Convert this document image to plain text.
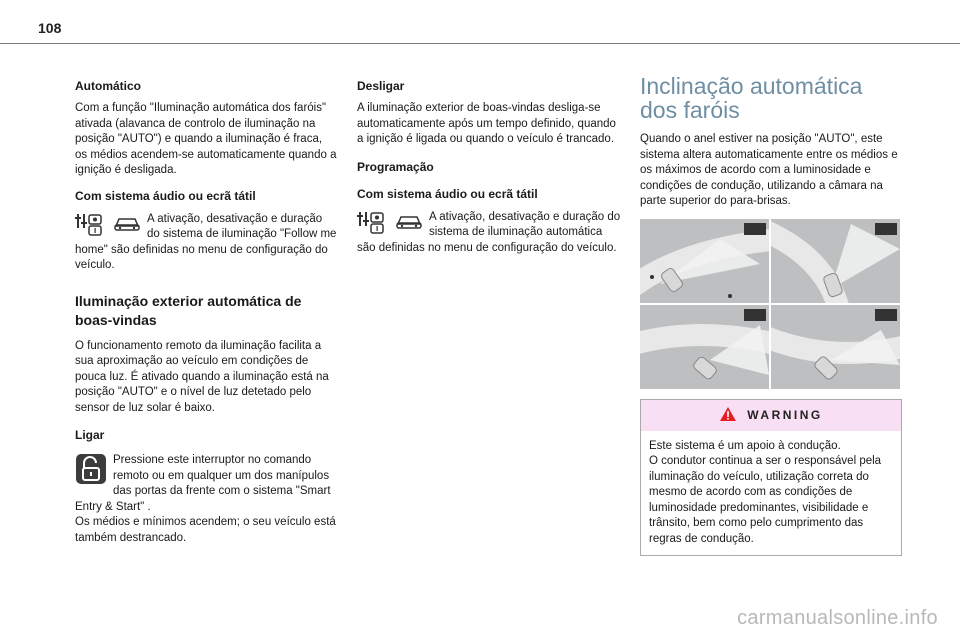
108
Automático

Com a função "Iluminação automática dos faróis" ativada (alavanca de controlo de iluminação na posição "AUTO") e quando a iluminação é fraca, os médios acendem-se automaticamente quando a ignição é desligada.

Com sistema áudio ou ecrã tátil

A ativação, desativação e duração do sistema de iluminação "Follow me home" são definidas no menu de configuração do veículo.

Iluminação exterior automática de boas-vindas

O funcionamento remoto da iluminação facilita a sua aproximação ao veículo em condições de pouca luz. É ativado quando a iluminação está na posição "AUTO" e o nível de luz detetado pelo sensor de luz solar é baixo.

Ligar

Pressione este interruptor no comando remoto ou em qualquer um dos manípulos das portas da frente com o sistema "Smart Entry & Start" .

Os médios e mínimos acendem; o seu veículo está também destrancado.

Desligar

A iluminação exterior de boas-vindas desliga-se automaticamente após um tempo definido, quando a ignição é ligada ou quando o veículo é trancado.

Programação
Com sistema áudio ou ecrã tátil

A ativação, desativação e duração do sistema de iluminação automática são definidas no menu de configuração do veículo.

Inclinação automática dos faróis

Quando o anel estiver na posição "AUTO", este sistema altera automaticamente entre os médios e os máximos de acordo com a luminosidade e condições de condução, utilizando a câmara na parte superior do para-brisas.

WARNING

Este sistema é um apoio à condução.

O condutor continua a ser o responsável pela iluminação do veículo, utilização correta do mesmo de acordo com as condições de luminosidade predominantes, visibilidade e trânsito, bem como pelo cumprimento das regras de condução.

carmanualsonline.info
